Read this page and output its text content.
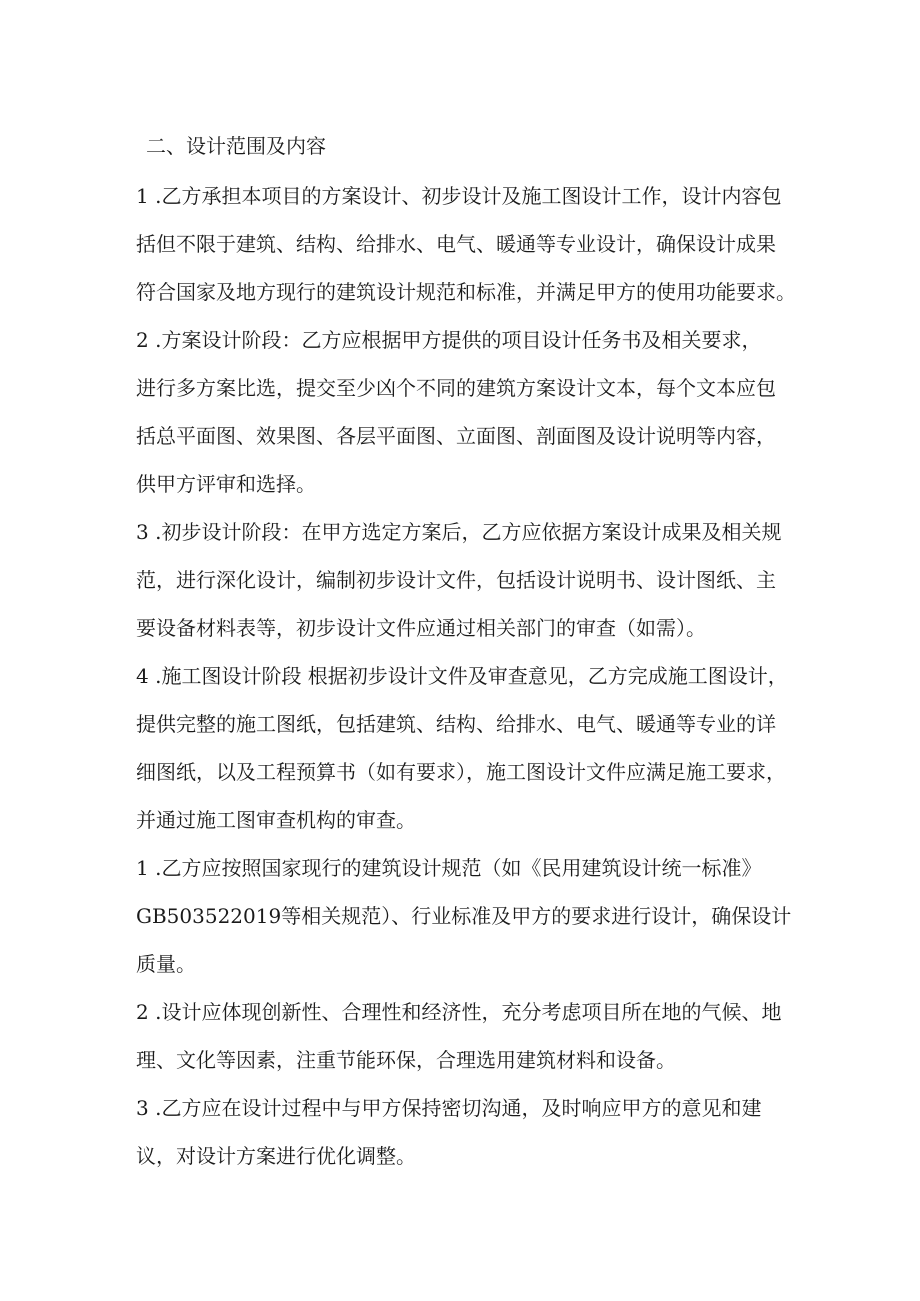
二、设计范围及内容
1 .乙方承担本项目的方案设计、初步设计及施工图设计工作，设计内容包
括但不限于建筑、结构、给排水、电气、暖通等专业设计，确保设计成果
符合国家及地方现行的建筑设计规范和标准，并满足甲方的使用功能要求。
2 .方案设计阶段：乙方应根据甲方提供的项目设计任务书及相关要求，
进行多方案比选，提交至少凶个不同的建筑方案设计文本，每个文本应包
括总平面图、效果图、各层平面图、立面图、剖面图及设计说明等内容，
供甲方评审和选择。
3 .初步设计阶段：在甲方选定方案后，乙方应依据方案设计成果及相关规
范，进行深化设计，编制初步设计文件，包括设计说明书、设计图纸、主
要设备材料表等，初步设计文件应通过相关部门的审查（如需）。
4 .施工图设计阶段 根据初步设计文件及审查意见，乙方完成施工图设计，
提供完整的施工图纸，包括建筑、结构、给排水、电气、暖通等专业的详
细图纸，以及工程预算书（如有要求），施工图设计文件应满足施工要求，
并通过施工图审查机构的审查。
1 .乙方应按照国家现行的建筑设计规范（如《民用建筑设计统一标准》
GB503522019等相关规范）、行业标准及甲方的要求进行设计，确保设计
质量。
2 .设计应体现创新性、合理性和经济性，充分考虑项目所在地的气候、地
理、文化等因素，注重节能环保，合理选用建筑材料和设备。
3 .乙方应在设计过程中与甲方保持密切沟通，及时响应甲方的意见和建
议，对设计方案进行优化调整。
